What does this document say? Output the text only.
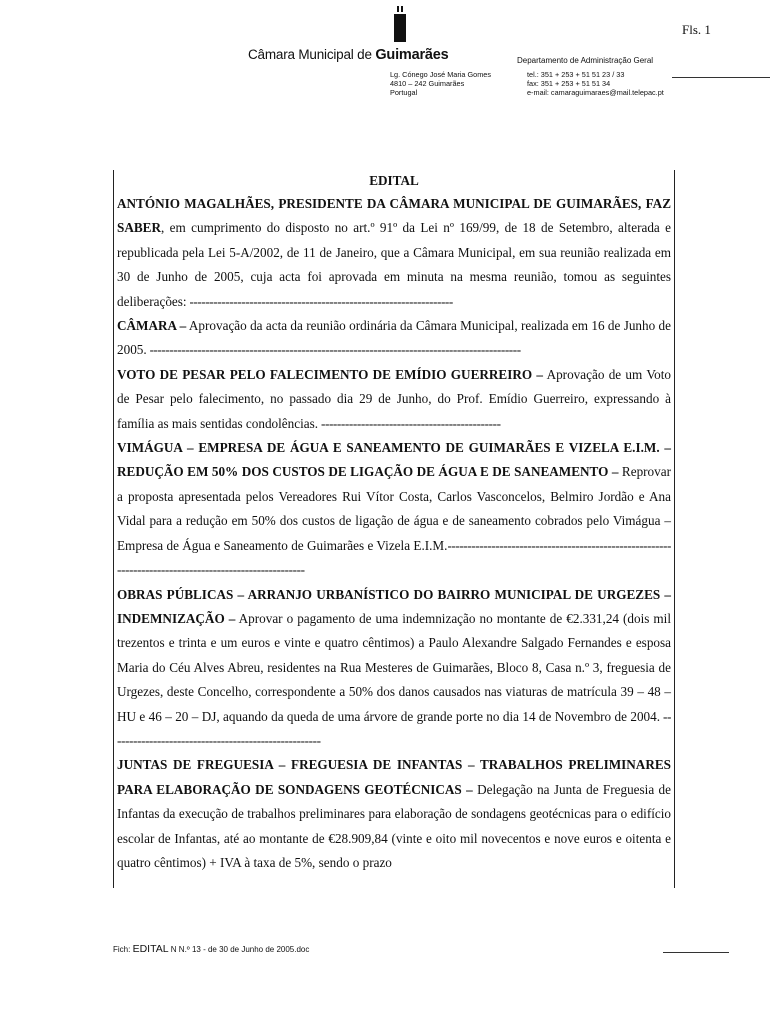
Fls. 1
Câmara Municipal de Guimarães	Departamento de Administração Geral
Lg. Cónego José Maria Gomes
4810 – 242 Guimarães
Portugal
tel.: 351 + 253 + 51 51 23 / 33
fax: 351 + 253 + 51 51 34
e-mail: camaraguimaraes@mail.telepac.pt
EDITAL

ANTÓNIO MAGALHÃES, PRESIDENTE DA CÂMARA MUNICIPAL DE GUIMARÃES, FAZ SABER, em cumprimento do disposto no art.º 91º da Lei nº 169/99, de 18 de Setembro, alterada e republicada pela Lei 5-A/2002, de 11 de Janeiro, que a Câmara Municipal, em sua reunião realizada em 30 de Junho de 2005, cuja acta foi aprovada em minuta na mesma reunião, tomou as seguintes deliberações: ------------------------------------------------------------------

CÂMARA – Aprovação da acta da reunião ordinária da Câmara Municipal, realizada em 16 de Junho de 2005. ---------------------------------------------------------------------------------------------

VOTO DE PESAR PELO FALECIMENTO DE EMÍDIO GUERREIRO – Aprovação de um Voto de Pesar pelo falecimento, no passado dia 29 de Junho, do Prof. Emídio Guerreiro, expressando à família as mais sentidas condolências. ---------------------------------------------

VIMÁGUA – EMPRESA DE ÁGUA E SANEAMENTO DE GUIMARÃES E VIZELA E.I.M. – REDUÇÃO EM 50% DOS CUSTOS DE LIGAÇÃO DE ÁGUA E DE SANEAMENTO – Reprovar a proposta apresentada pelos Vereadores Rui Vítor Costa, Carlos Vasconcelos, Belmiro Jordão e Ana Vidal para a redução em 50% dos custos de ligação de água e de saneamento cobrados pelo Vimágua – Empresa de Água e Saneamento de Guimarães e Vizela E.I.M.-------------------------------------------------------------------------------------------------------

OBRAS PÚBLICAS – ARRANJO URBANÍSTICO DO BAIRRO MUNICIPAL DE URGEZES – INDEMNIZAÇÃO – Aprovar o pagamento de uma indemnização no montante de €2.331,24 (dois mil trezentos e trinta e um euros e vinte e quatro cêntimos) a Paulo Alexandre Salgado Fernandes e esposa Maria do Céu Alves Abreu, residentes na Rua Mesteres de Guimarães, Bloco 8, Casa n.º 3, freguesia de Urgezes, deste Concelho, correspondente a 50% dos danos causados nas viaturas de matrícula 39 – 48 – HU e 46 – 20 – DJ, aquando da queda de uma árvore de grande porte no dia 14 de Novembro de 2004. -----------------------------------------------------

JUNTAS DE FREGUESIA – FREGUESIA DE INFANTAS – TRABALHOS PRELIMINARES PARA ELABORAÇÃO DE SONDAGENS GEOTÉCNICAS – Delegação na Junta de Freguesia de Infantas da execução de trabalhos preliminares para elaboração de sondagens geotécnicas para o edifício escolar de Infantas, até ao montante de €28.909,84 (vinte e oito mil novecentos e nove euros e oitenta e quatro cêntimos) + IVA à taxa de 5%, sendo o prazo

Fich: EDITAL N N.º 13 - de 30 de Junho de 2005.doc
